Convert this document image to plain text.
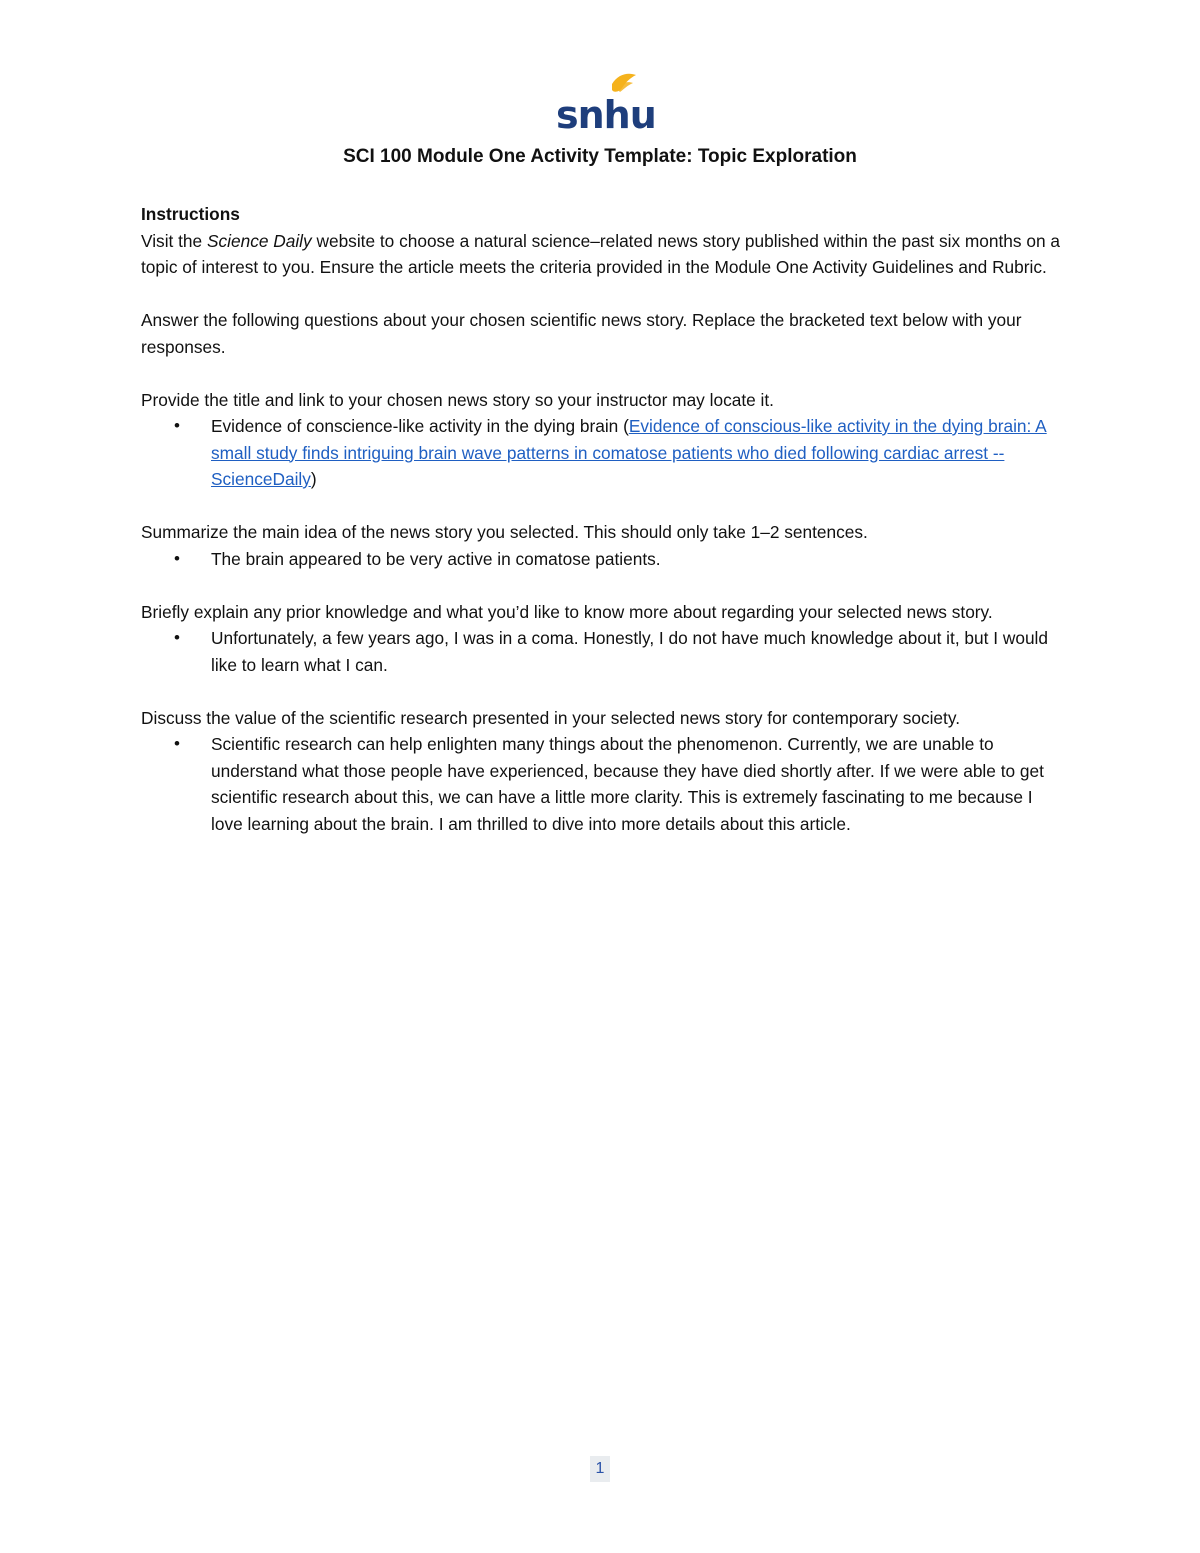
snhu
SCI 100 Module One Activity Template: Topic Exploration

Instructions

Visit the Science Daily website to choose a natural science–related news story published within the past six months on a topic of interest to you. Ensure the article meets the criteria provided in the Module One Activity Guidelines and Rubric.

Answer the following questions about your chosen scientific news story. Replace the bracketed text below with your responses.

Provide the title and link to your chosen news story so your instructor may locate it.

• Evidence of conscience-like activity in the dying brain (Evidence of conscious-like activity in the dying brain: A small study finds intriguing brain wave patterns in comatose patients who died following cardiac arrest -- ScienceDaily)

Summarize the main idea of the news story you selected. This should only take 1–2 sentences.

• The brain appeared to be very active in comatose patients.

Briefly explain any prior knowledge and what you’d like to know more about regarding your selected news story.

• Unfortunately, a few years ago, I was in a coma. Honestly, I do not have much knowledge about it, but I would like to learn what I can.

Discuss the value of the scientific research presented in your selected news story for contemporary society.

• Scientific research can help enlighten many things about the phenomenon. Currently, we are unable to understand what those people have experienced, because they have died shortly after. If we were able to get scientific research about this, we can have a little more clarity. This is extremely fascinating to me because I love learning about the brain. I am thrilled to dive into more details about this article.
1
